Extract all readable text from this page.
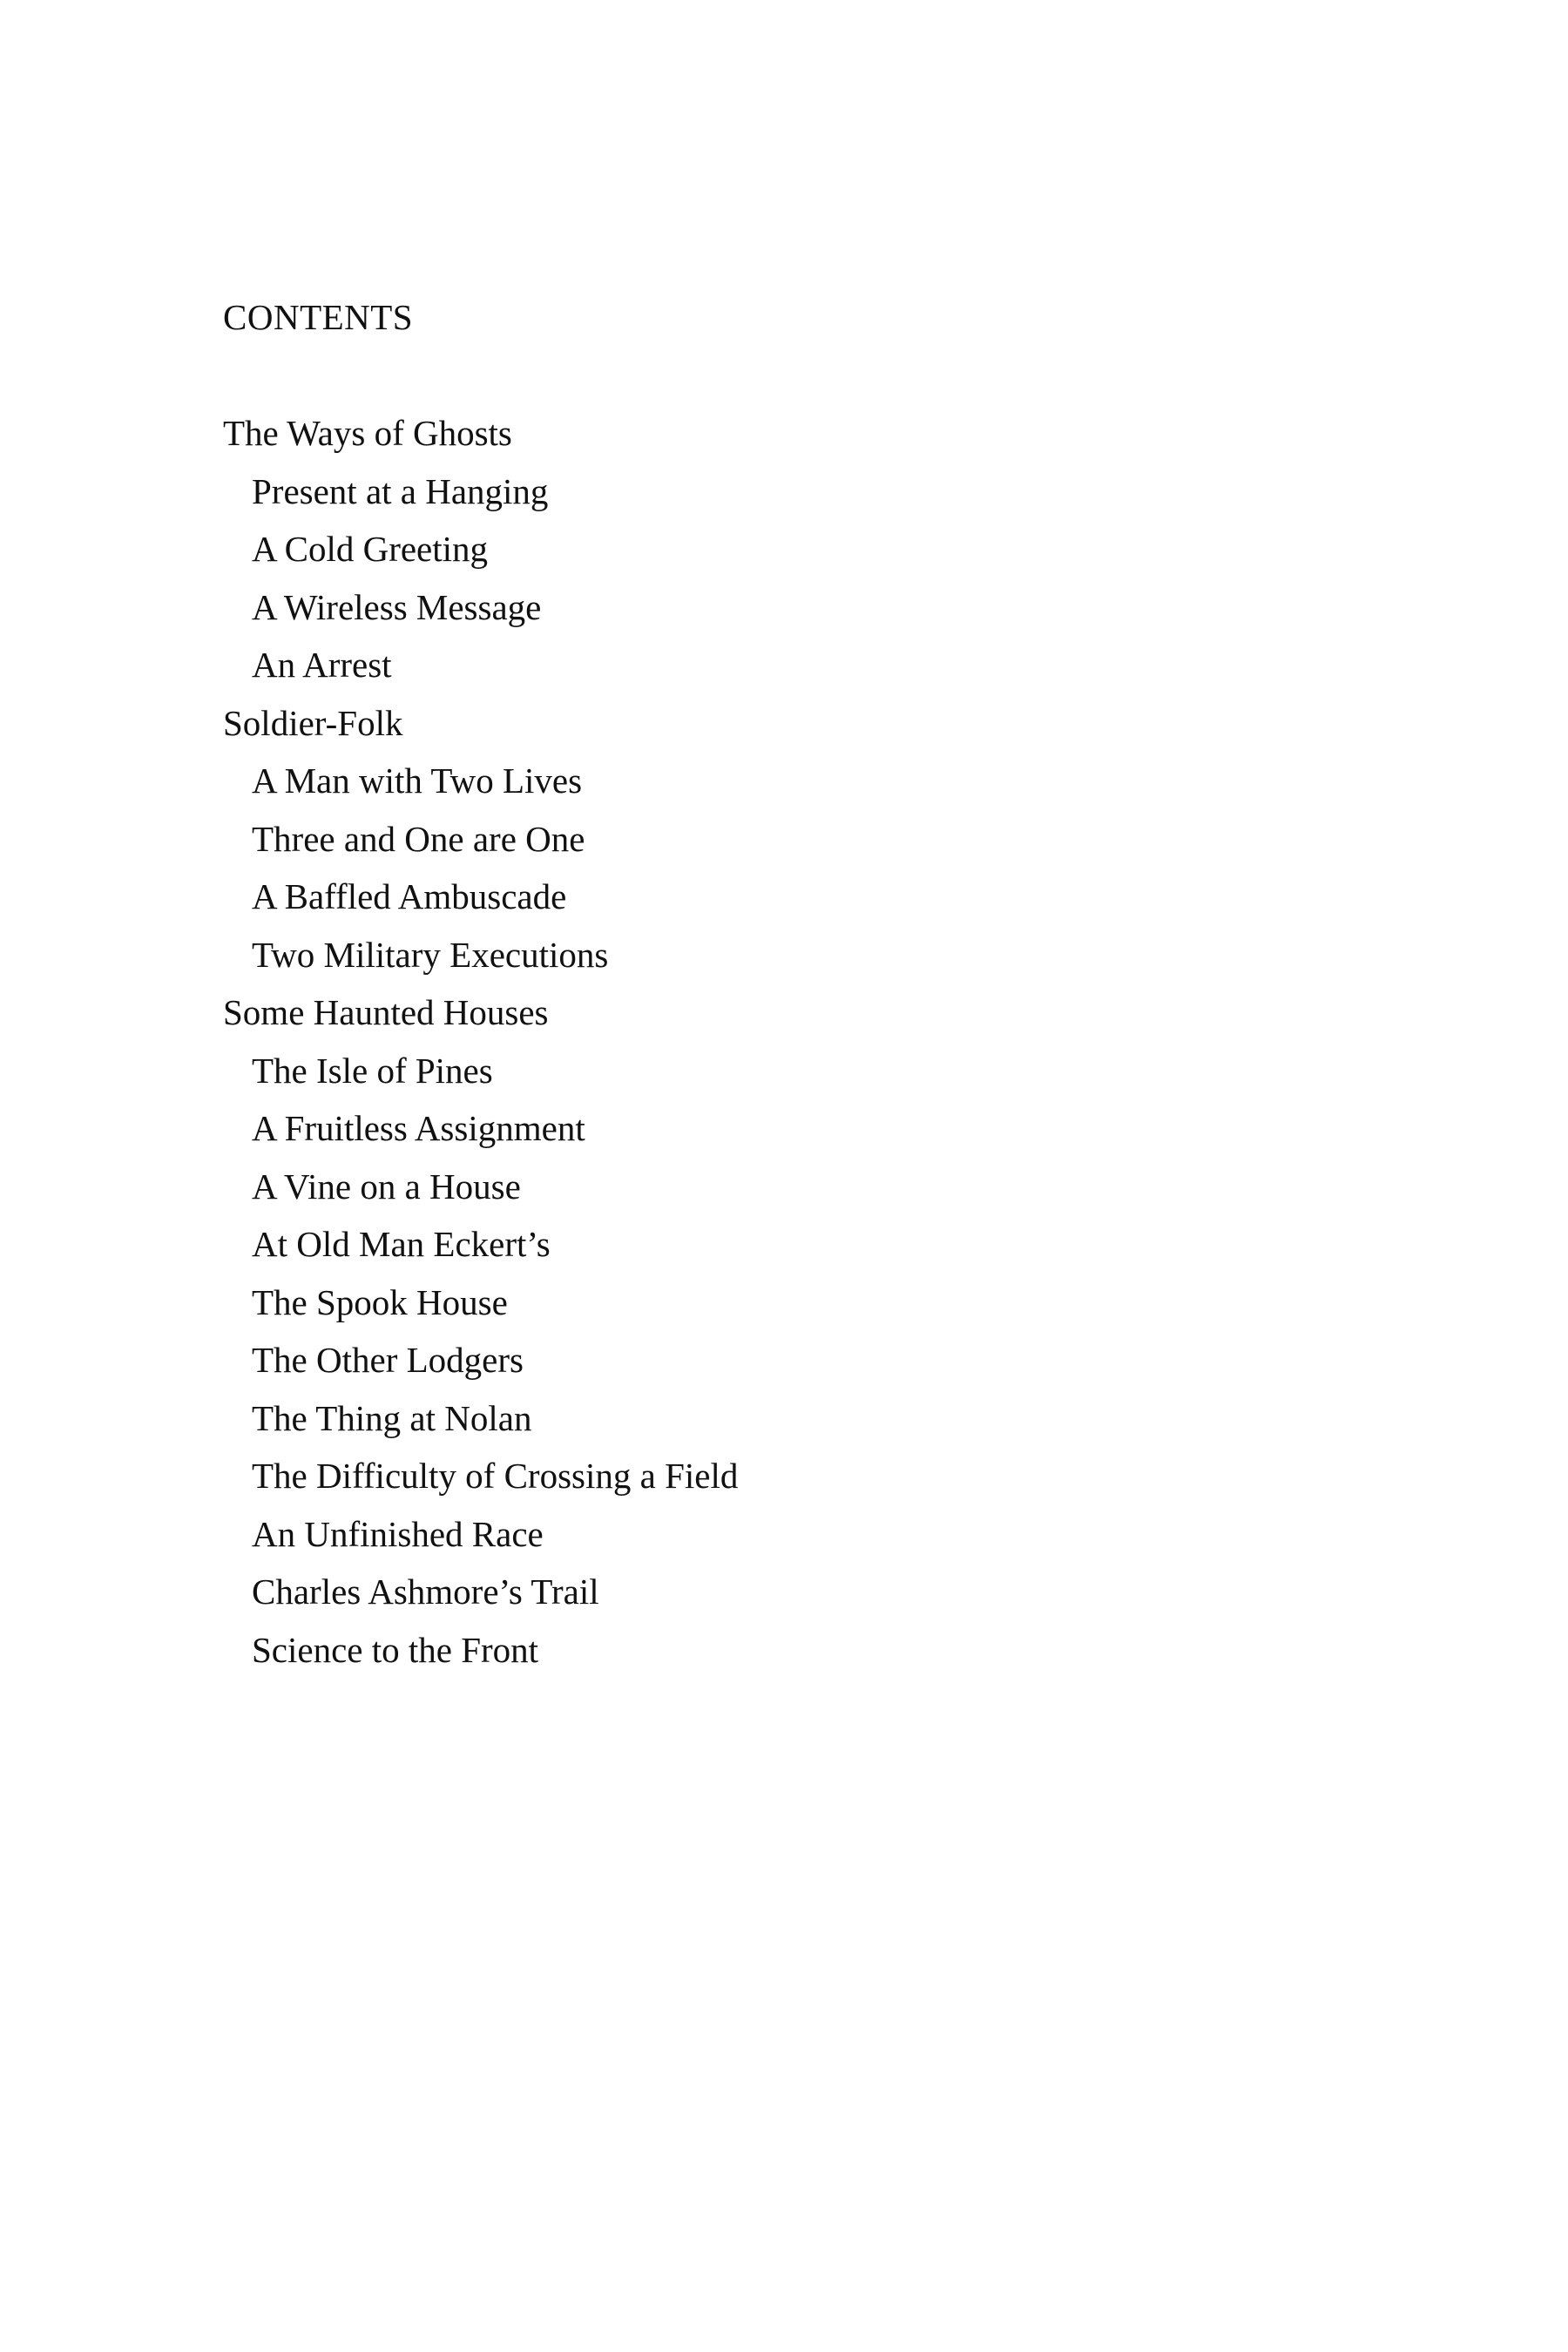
CONTENTS
The Ways of Ghosts
Present at a Hanging
A Cold Greeting
A Wireless Message
An Arrest
Soldier-Folk
A Man with Two Lives
Three and One are One
A Baffled Ambuscade
Two Military Executions
Some Haunted Houses
The Isle of Pines
A Fruitless Assignment
A Vine on a House
At Old Man Eckert’s
The Spook House
The Other Lodgers
The Thing at Nolan
The Difficulty of Crossing a Field
An Unfinished Race
Charles Ashmore’s Trail
Science to the Front
